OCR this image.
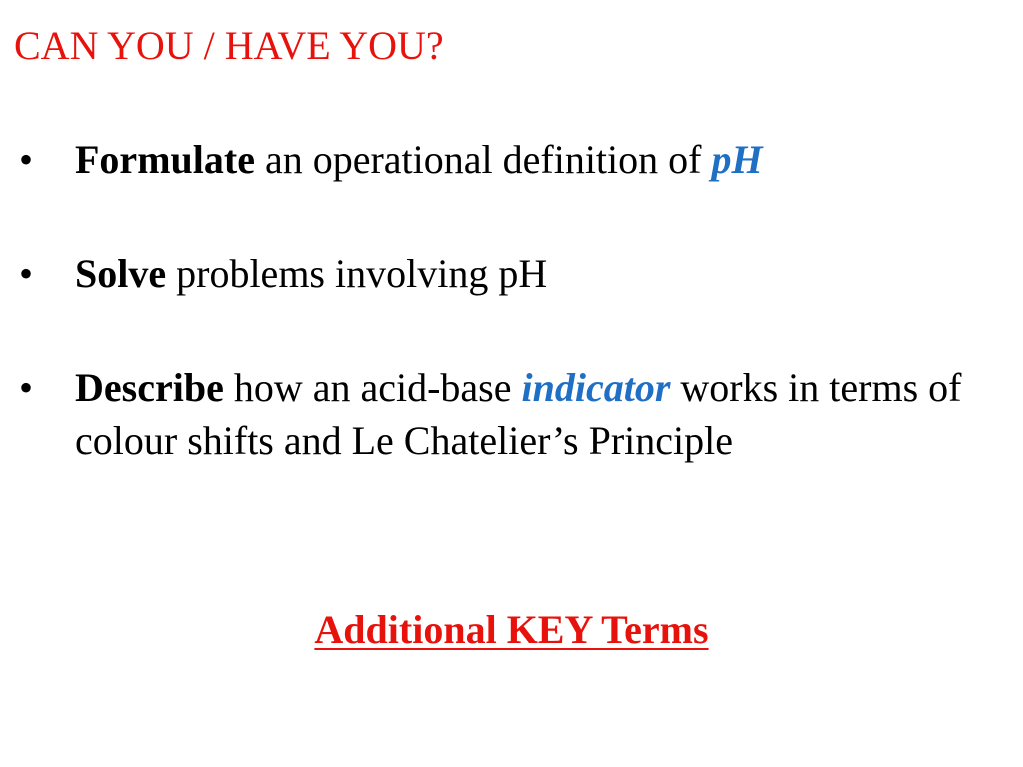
CAN YOU / HAVE YOU?
• Formulate an operational definition of pH
• Solve problems involving pH
• Describe how an acid-base indicator works in terms of colour shifts and Le Chatelier’s Principle
Additional KEY Terms
